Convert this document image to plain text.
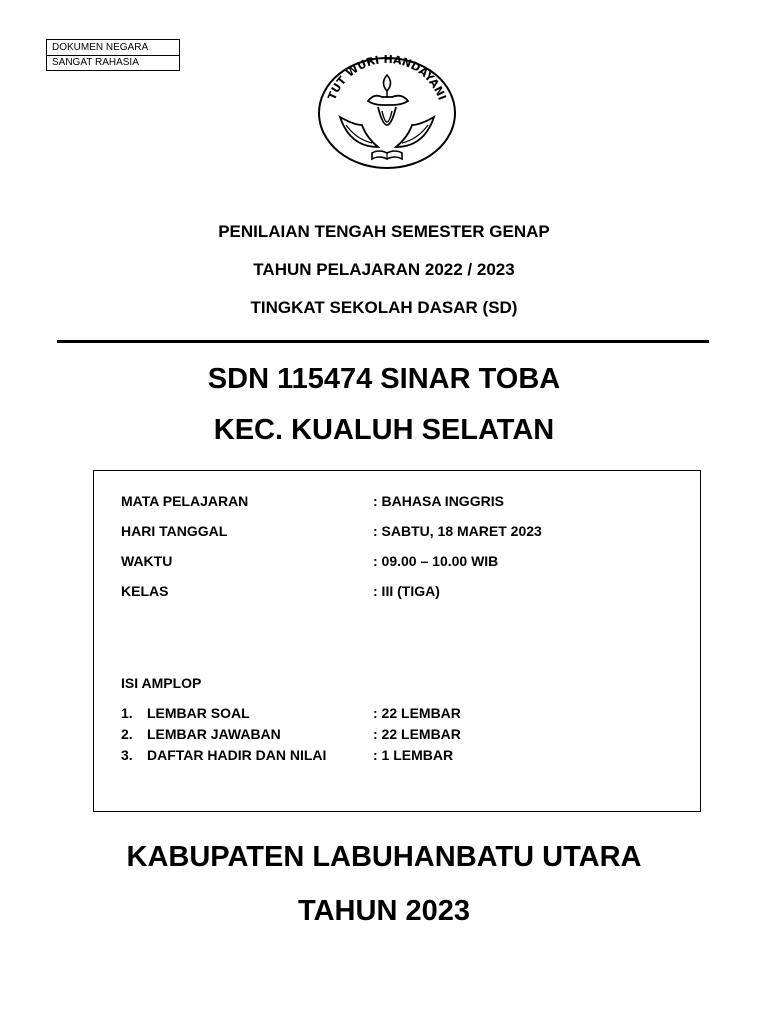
DOKUMEN NEGARA
SANGAT RAHASIA
TUT WURI HANDAYANI
PENILAIAN TENGAH SEMESTER GENAP
TAHUN PELAJARAN 2022 / 2023
TINGKAT SEKOLAH DASAR (SD)
SDN 115474 SINAR TOBA
KEC. KUALUH SELATAN
MATA PELAJARAN	: BAHASA INGGRIS
HARI TANGGAL	: SABTU, 18 MARET 2023
WAKTU	: 09.00 – 10.00 WIB
KELAS	: III (TIGA)
ISI AMPLOP
1. LEMBAR SOAL	: 22 LEMBAR
2. LEMBAR JAWABAN	: 22 LEMBAR
3. DAFTAR HADIR DAN NILAI	: 1 LEMBAR
KABUPATEN LABUHANBATU UTARA
TAHUN 2023
